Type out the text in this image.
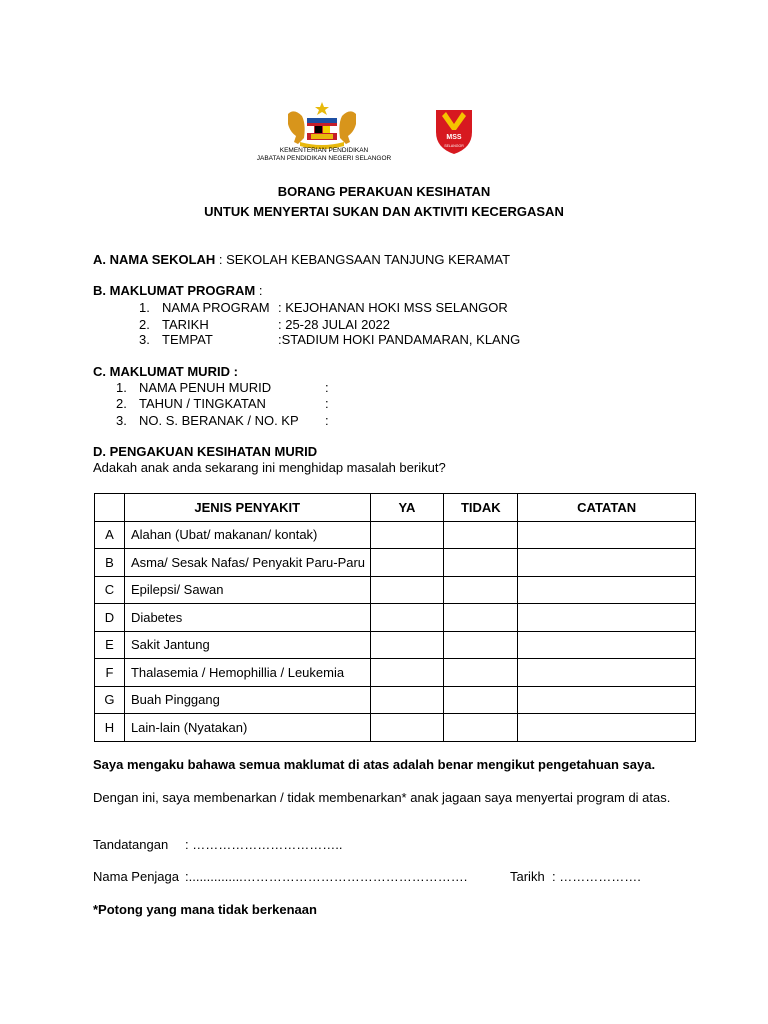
KEMENTERIAN PENDIDIKAN
JABATAN PENDIDIKAN NEGERI SELANGOR
MSS
SELANGOR
BORANG PERAKUAN KESIHATAN
UNTUK MENYERTAI SUKAN DAN AKTIVITI KECERGASAN
A. NAMA SEKOLAH : SEKOLAH KEBANGSAAN TANJUNG KERAMAT
B. MAKLUMAT PROGRAM :
1. NAMA PROGRAM : KEJOHANAN HOKI MSS SELANGOR
2. TARIKH	: 25-28 JULAI 2022
3. TEMPAT	:STADIUM HOKI PANDAMARAN, KLANG
C. MAKLUMAT MURID :
1. NAMA PENUH MURID	:
2. TAHUN / TINGKATAN	:
3. NO. S. BERANAK / NO. KP :
D. PENGAKUAN KESIHATAN MURID
Adakah anak anda sekarang ini menghidap masalah berikut?
	JENIS PENYAKIT	YA	TIDAK	CATATAN
A	Alahan (Ubat/ makanan/ kontak)			
B	Asma/ Sesak Nafas/ Penyakit Paru-Paru			
C	Epilepsi/ Sawan			
D	Diabetes			
E	Sakit Jantung			
F	Thalasemia / Hemophillia / Leukemia			
G	Buah Pinggang			
H	Lain-lain (Nyatakan)			
Saya mengaku bahawa semua maklumat di atas adalah benar mengikut pengetahuan saya.
Dengan ini, saya membenarkan / tidak membenarkan* anak jagaan saya menyertai program di atas.
Tandatangan : ……………………………..
Nama Penjaga :...............…………………………………………….	Tarikh : ……………….
*Potong yang mana tidak berkenaan
